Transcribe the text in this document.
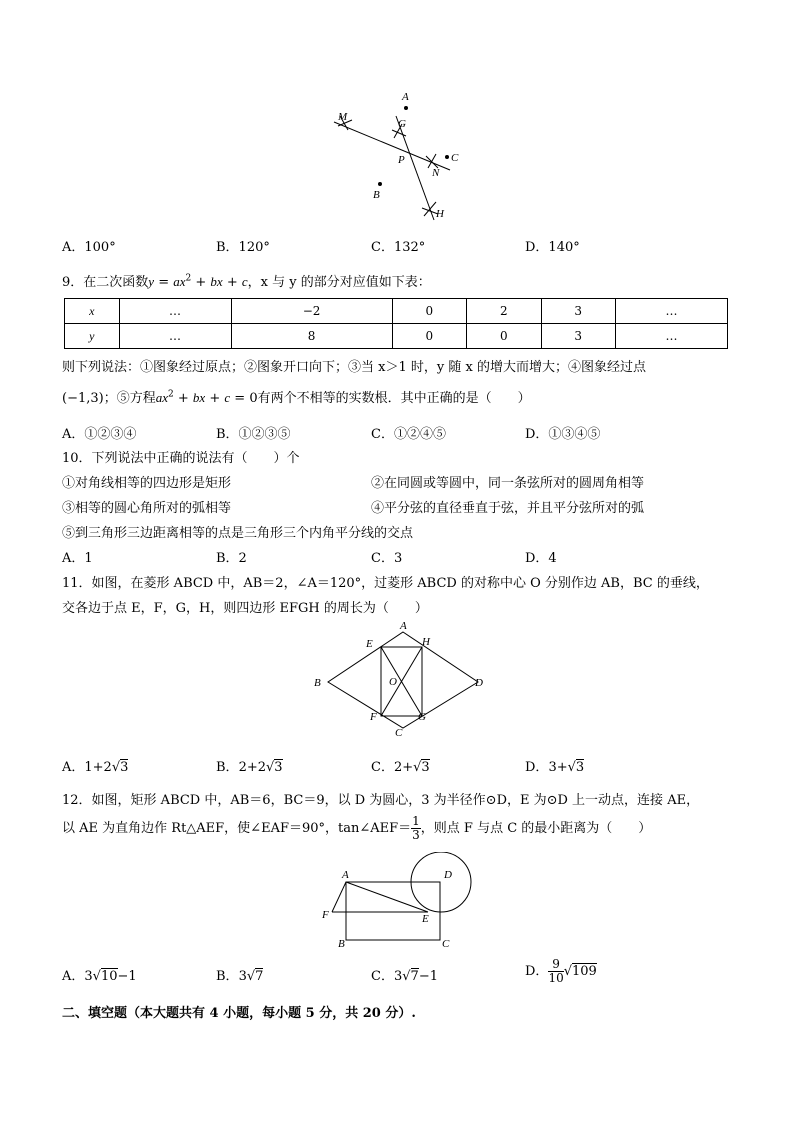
A
M
G
P
N
C
B
H
A．100°	B．120°	C．132°	D．140°
9．在二次函数$y = ax^2$ + bx + c，x 与 y 的部分对应值如下表：
x	…	−2	0	2	3	…
y	…	8	0	0	3	…
则下列说法：①图象经过原点；②图象开口向下；③当 x＞1 时，y 随 x 的增大而增大；④图象经过点
(−1,3)；⑤方程$ax^2$ + bx + c = 0有两个不相等的实数根．其中正确的是（　　）
A．①②③④	B．①②③⑤	C．①②④⑤	D．①③④⑤
10．下列说法中正确的说法有（　　）个
①对角线相等的四边形是矩形	②在同圆或等圆中，同一条弦所对的圆周角相等
③相等的圆心角所对的弧相等	④平分弦的直径垂直于弦，并且平分弦所对的弧
⑤到三角形三边距离相等的点是三角形三个内角平分线的交点
A．1	B．2	C．3	D．4
11．如图，在菱形 ABCD 中，AB＝2，∠A＝120°，过菱形 ABCD 的对称中心 O 分别作边 AB，BC 的垂线，
交各边于点 E，F，G，H，则四边形 EFGH 的周长为（　　）
A
E	H
B	O	D
F	G
C
A．1+2√3	B．2+2√3	C．2+√3	D．3+√3
12．如图，矩形 ABCD 中，AB＝6，BC＝9，以 D 为圆心，3 为半径作⊙D，E 为⊙D 上一动点，连接 AE，
以 AE 为直角边作 Rt△AEF，使∠EAF＝90°，tan∠AEF＝ $\frac{1}{3}$ ，则点 F 与点 C 的最小距离为（　　）
A	D
F	E
B	C
A．3√10−1	B．3√7	C．3√7−1	D． $\frac{9}{10} √109$
二、填空题（本大题共有 4 小题，每小题 5 分，共 20 分）.
